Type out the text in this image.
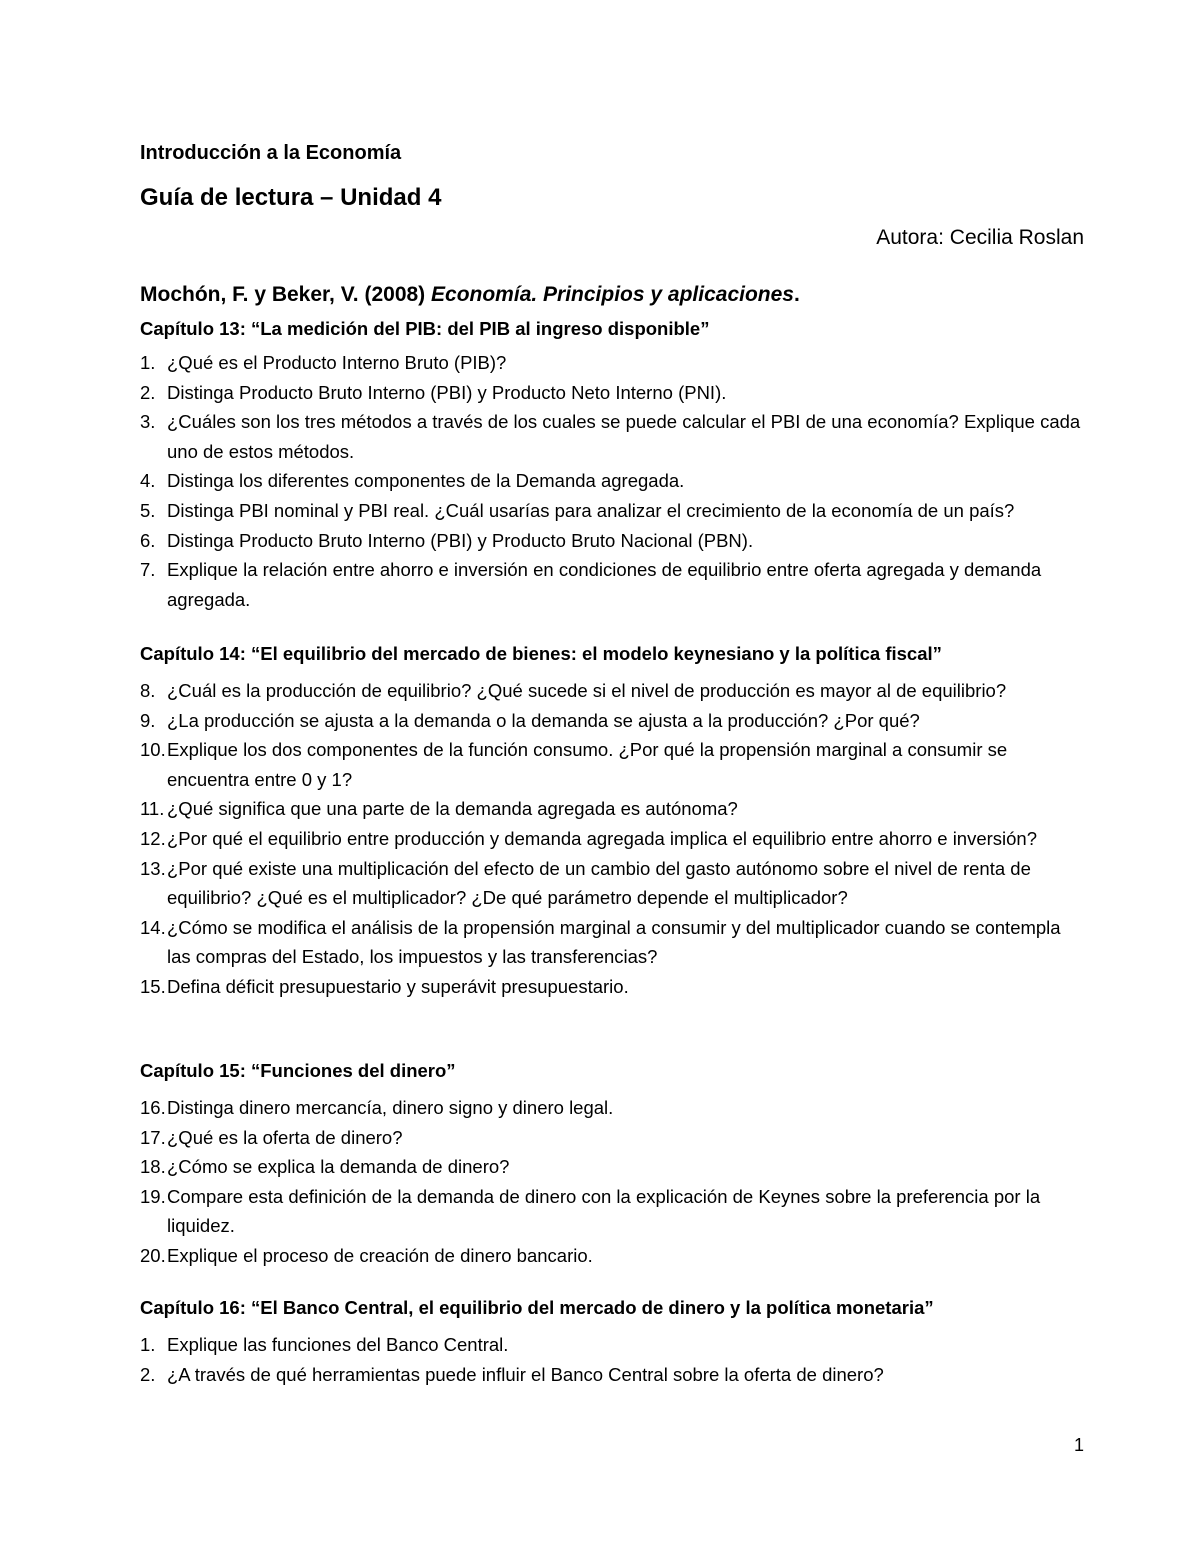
Introducción a la Economía
Guía de lectura – Unidad 4
Autora: Cecilia Roslan
Mochón, F. y Beker, V. (2008) Economía. Principios y aplicaciones.
Capítulo 13: “La medición del PIB: del PIB al ingreso disponible”
1. ¿Qué es el Producto Interno Bruto (PIB)?
2. Distinga Producto Bruto Interno (PBI) y Producto Neto Interno (PNI).
3. ¿Cuáles son los tres métodos a través de los cuales se puede calcular el PBI de una economía? Explique cada uno de estos métodos.
4. Distinga los diferentes componentes de la Demanda agregada.
5. Distinga PBI nominal y PBI real. ¿Cuál usarías para analizar el crecimiento de la economía de un país?
6. Distinga Producto Bruto Interno (PBI) y Producto Bruto Nacional (PBN).
7. Explique la relación entre ahorro e inversión en condiciones de equilibrio entre oferta agregada y demanda agregada.
Capítulo 14: “El equilibrio del mercado de bienes: el modelo keynesiano y la política fiscal”
8. ¿Cuál es la producción de equilibrio? ¿Qué sucede si el nivel de producción es mayor al de equilibrio?
9. ¿La producción se ajusta a la demanda o la demanda se ajusta a la producción? ¿Por qué?
10. Explique los dos componentes de la función consumo. ¿Por qué la propensión marginal a consumir se encuentra entre 0 y 1?
11. ¿Qué significa que una parte de la demanda agregada es autónoma?
12. ¿Por qué el equilibrio entre producción y demanda agregada implica el equilibrio entre ahorro e inversión?
13. ¿Por qué existe una multiplicación del efecto de un cambio del gasto autónomo sobre el nivel de renta de equilibrio? ¿Qué es el multiplicador? ¿De qué parámetro depende el multiplicador?
14. ¿Cómo se modifica el análisis de la propensión marginal a consumir y del multiplicador cuando se contempla las compras del Estado, los impuestos y las transferencias?
15. Defina déficit presupuestario y superávit presupuestario.
Capítulo 15: “Funciones del dinero”
16. Distinga dinero mercancía, dinero signo y dinero legal.
17. ¿Qué es la oferta de dinero?
18. ¿Cómo se explica la demanda de dinero?
19. Compare esta definición de la demanda de dinero con la explicación de Keynes sobre la preferencia por la liquidez.
20. Explique el proceso de creación de dinero bancario.
Capítulo 16: “El Banco Central, el equilibrio del mercado de dinero y la política monetaria”
1. Explique las funciones del Banco Central.
2. ¿A través de qué herramientas puede influir el Banco Central sobre la oferta de dinero?
1
